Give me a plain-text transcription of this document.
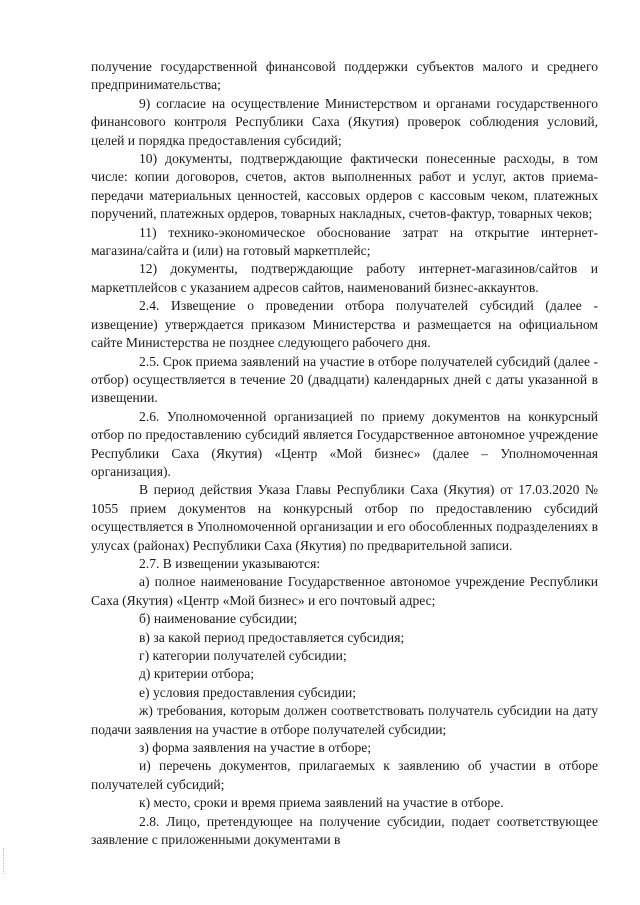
получение государственной финансовой поддержки субъектов малого и среднего предпринимательства;

9) согласие на осуществление Министерством и органами государственного финансового контроля Республики Саха (Якутия) проверок соблюдения условий, целей и порядка предоставления субсидий;

10) документы, подтверждающие фактически понесенные расходы, в том числе: копии договоров, счетов, актов выполненных работ и услуг, актов приема-передачи материальных ценностей, кассовых ордеров с кассовым чеком, платежных поручений, платежных ордеров, товарных накладных, счетов-фактур, товарных чеков;

11) технико-экономическое обоснование затрат на открытие интернет-магазина/сайта и (или) на готовый маркетплейс;

12) документы, подтверждающие работу интернет-магазинов/сайтов и маркетплейсов с указанием адресов сайтов, наименований бизнес-аккаунтов.

2.4. Извещение о проведении отбора получателей субсидий (далее - извещение) утверждается приказом Министерства и размещается на официальном сайте Министерства не позднее следующего рабочего дня.

2.5. Срок приема заявлений на участие в отборе получателей субсидий (далее - отбор) осуществляется в течение 20 (двадцати) календарных дней с даты указанной в извещении.

2.6. Уполномоченной организацией по приему документов на конкурсный отбор по предоставлению субсидий является Государственное автономное учреждение Республики Саха (Якутия) «Центр «Мой бизнес» (далее – Уполномоченная организация).

В период действия Указа Главы Республики Саха (Якутия) от 17.03.2020 № 1055 прием документов на конкурсный отбор по предоставлению субсидий осуществляется в Уполномоченной организации и его обособленных подразделениях в улусах (районах) Республики Саха (Якутия) по предварительной записи.

2.7. В извещении указываются:

а) полное наименование Государственное автономое учреждение Республики Саха (Якутия) «Центр «Мой бизнес» и его почтовый адрес;

б) наименование субсидии;

в) за какой период предоставляется субсидия;

г) категории получателей субсидии;

д) критерии отбора;

е) условия предоставления субсидии;

ж) требования, которым должен соответствовать получатель субсидии на дату подачи заявления на участие в отборе получателей субсидии;

з) форма заявления на участие в отборе;

и) перечень документов, прилагаемых к заявлению об участии в отборе получателей субсидий;

к) место, сроки и время приема заявлений на участие в отборе.

2.8. Лицо, претендующее на получение субсидии, подает соответствующее заявление с приложенными документами в
